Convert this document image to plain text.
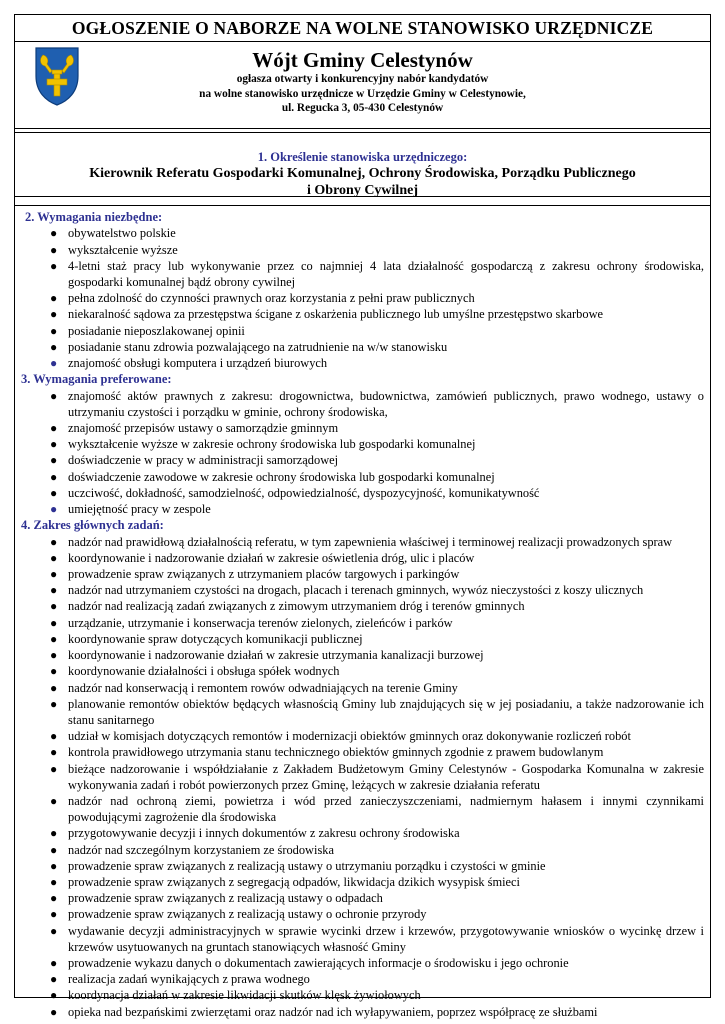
OGŁOSZENIE O NABORZE NA WOLNE STANOWISKO URZĘDNICZE
Wójt Gminy Celestynów
ogłasza otwarty i konkurencyjny nabór kandydatów
na wolne stanowisko urzędnicze w Urzędzie Gminy w Celestynowie,
ul. Regucka 3, 05-430 Celestynów
1. Określenie stanowiska urzędniczego:
Kierownik Referatu Gospodarki Komunalnej, Ochrony Środowiska, Porządku Publicznego
i Obrony Cywilnej
2. Wymagania niezbędne:
● obywatelstwo polskie
● wykształcenie wyższe
● 4-letni staż pracy lub wykonywanie przez co najmniej 4 lata działalność gospodarczą z zakresu ochrony środowiska, gospodarki komunalnej bądź obrony cywilnej
● pełna zdolność do czynności prawnych oraz korzystania z pełni praw publicznych
● niekaralność sądowa za przestępstwa ścigane z oskarżenia publicznego lub umyślne przestępstwo skarbowe
● posiadanie nieposzlakowanej opinii
● posiadanie stanu zdrowia pozwalającego na zatrudnienie na w/w stanowisku
● znajomość obsługi komputera i urządzeń biurowych
3. Wymagania preferowane:
● znajomość aktów prawnych z zakresu: drogownictwa, budownictwa, zamówień publicznych, prawo wodnego, ustawy o utrzymaniu czystości i porządku w gminie, ochrony środowiska,
● znajomość przepisów ustawy o samorządzie gminnym
● wykształcenie wyższe w zakresie ochrony środowiska lub gospodarki komunalnej
● doświadczenie w pracy w administracji samorządowej
● doświadczenie zawodowe w zakresie ochrony środowiska lub gospodarki komunalnej
● uczciwość, dokładność, samodzielność, odpowiedzialność, dyspozycyjność, komunikatywność
● umiejętność pracy w zespole
4. Zakres głównych zadań:
● nadzór nad prawidłową działalnością referatu, w tym zapewnienia właściwej i terminowej realizacji prowadzonych spraw
● koordynowanie i nadzorowanie działań w zakresie oświetlenia dróg, ulic i placów
● prowadzenie spraw związanych z utrzymaniem placów targowych i parkingów
● nadzór nad utrzymaniem czystości na drogach, placach i terenach gminnych, wywóz nieczystości z koszy ulicznych
● nadzór nad realizacją zadań związanych z zimowym utrzymaniem dróg i terenów gminnych
● urządzanie, utrzymanie i konserwacja terenów zielonych, zieleńców i parków
● koordynowanie spraw dotyczących komunikacji publicznej
● koordynowanie i nadzorowanie działań w zakresie utrzymania kanalizacji burzowej
● koordynowanie działalności i obsługa spółek wodnych
● nadzór nad konserwacją i remontem rowów odwadniających na terenie Gminy
● planowanie remontów obiektów będących własnością Gminy lub znajdujących się w jej posiadaniu, a także nadzorowanie ich stanu sanitarnego
● udział w komisjach dotyczących remontów i modernizacji obiektów gminnych oraz dokonywanie rozliczeń robót
● kontrola prawidłowego utrzymania stanu technicznego obiektów gminnych zgodnie z prawem budowlanym
● bieżące nadzorowanie i współdziałanie z Zakładem Budżetowym Gminy Celestynów - Gospodarka Komunalna w zakresie wykonywania zadań i robót powierzonych przez Gminę, leżących w zakresie działania referatu
● nadzór nad ochroną ziemi, powietrza i wód przed zanieczyszczeniami, nadmiernym hałasem i innymi czynnikami powodującymi zagrożenie dla środowiska
● przygotowywanie decyzji i innych dokumentów z zakresu ochrony środowiska
● nadzór nad szczególnym korzystaniem ze środowiska
● prowadzenie spraw związanych z realizacją ustawy o utrzymaniu porządku i czystości w gminie
● prowadzenie spraw związanych z segregacją odpadów, likwidacja dzikich wysypisk śmieci
● prowadzenie spraw związanych z realizacją ustawy o odpadach
● prowadzenie spraw związanych z realizacją ustawy o ochronie przyrody
● wydawanie decyzji administracyjnych w sprawie wycinki drzew i krzewów, przygotowywanie wniosków o wycinkę drzew i krzewów usytuowanych na gruntach stanowiących własność Gminy
● prowadzenie wykazu danych o dokumentach zawierających informacje o środowisku i jego ochronie
● realizacja zadań wynikających z prawa wodnego
● koordynacja działań w zakresie likwidacji skutków klęsk żywiołowych
● opieka nad bezpańskimi zwierzętami oraz nadzór nad ich wyłapywaniem, poprzez współpracę ze służbami
